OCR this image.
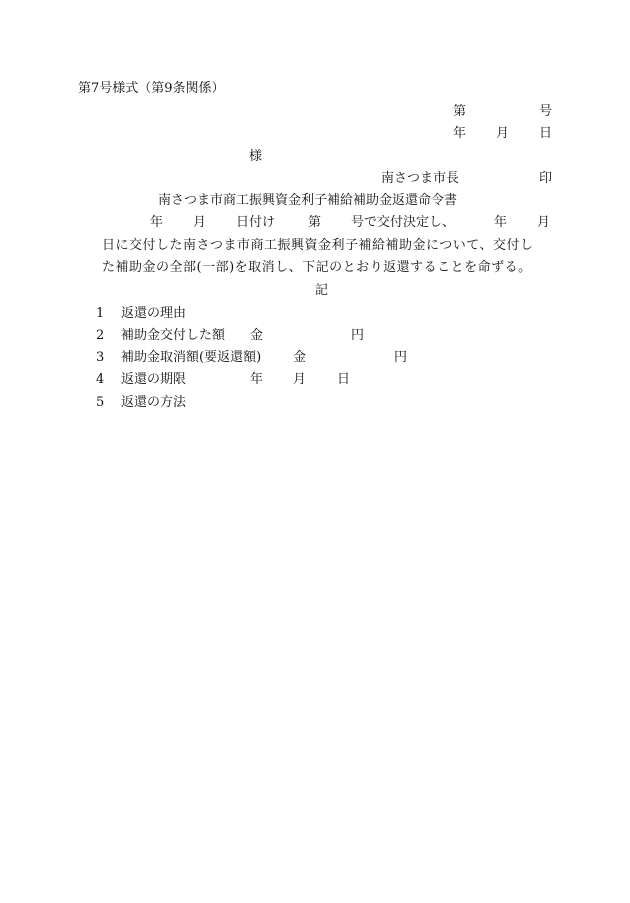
第7号様式（第9条関係）
第	号
年 月 日
様
南さつま市長	印
南さつま市商工振興資金利子補給補助金返還命令書
年 月 日付け	第 号で交付決定し、	年 月
日に交付した南さつま市商工振興資金利子補給補助金について、交付し
た補助金の全部(一部)を取消し、下記のとおり返還することを命ずる。
記
1 返還の理由
2 補助金交付した額 金	円
3 補助金取消額(要返還額) 金	円
4 返還の期限	年 月 日
5 返還の方法
